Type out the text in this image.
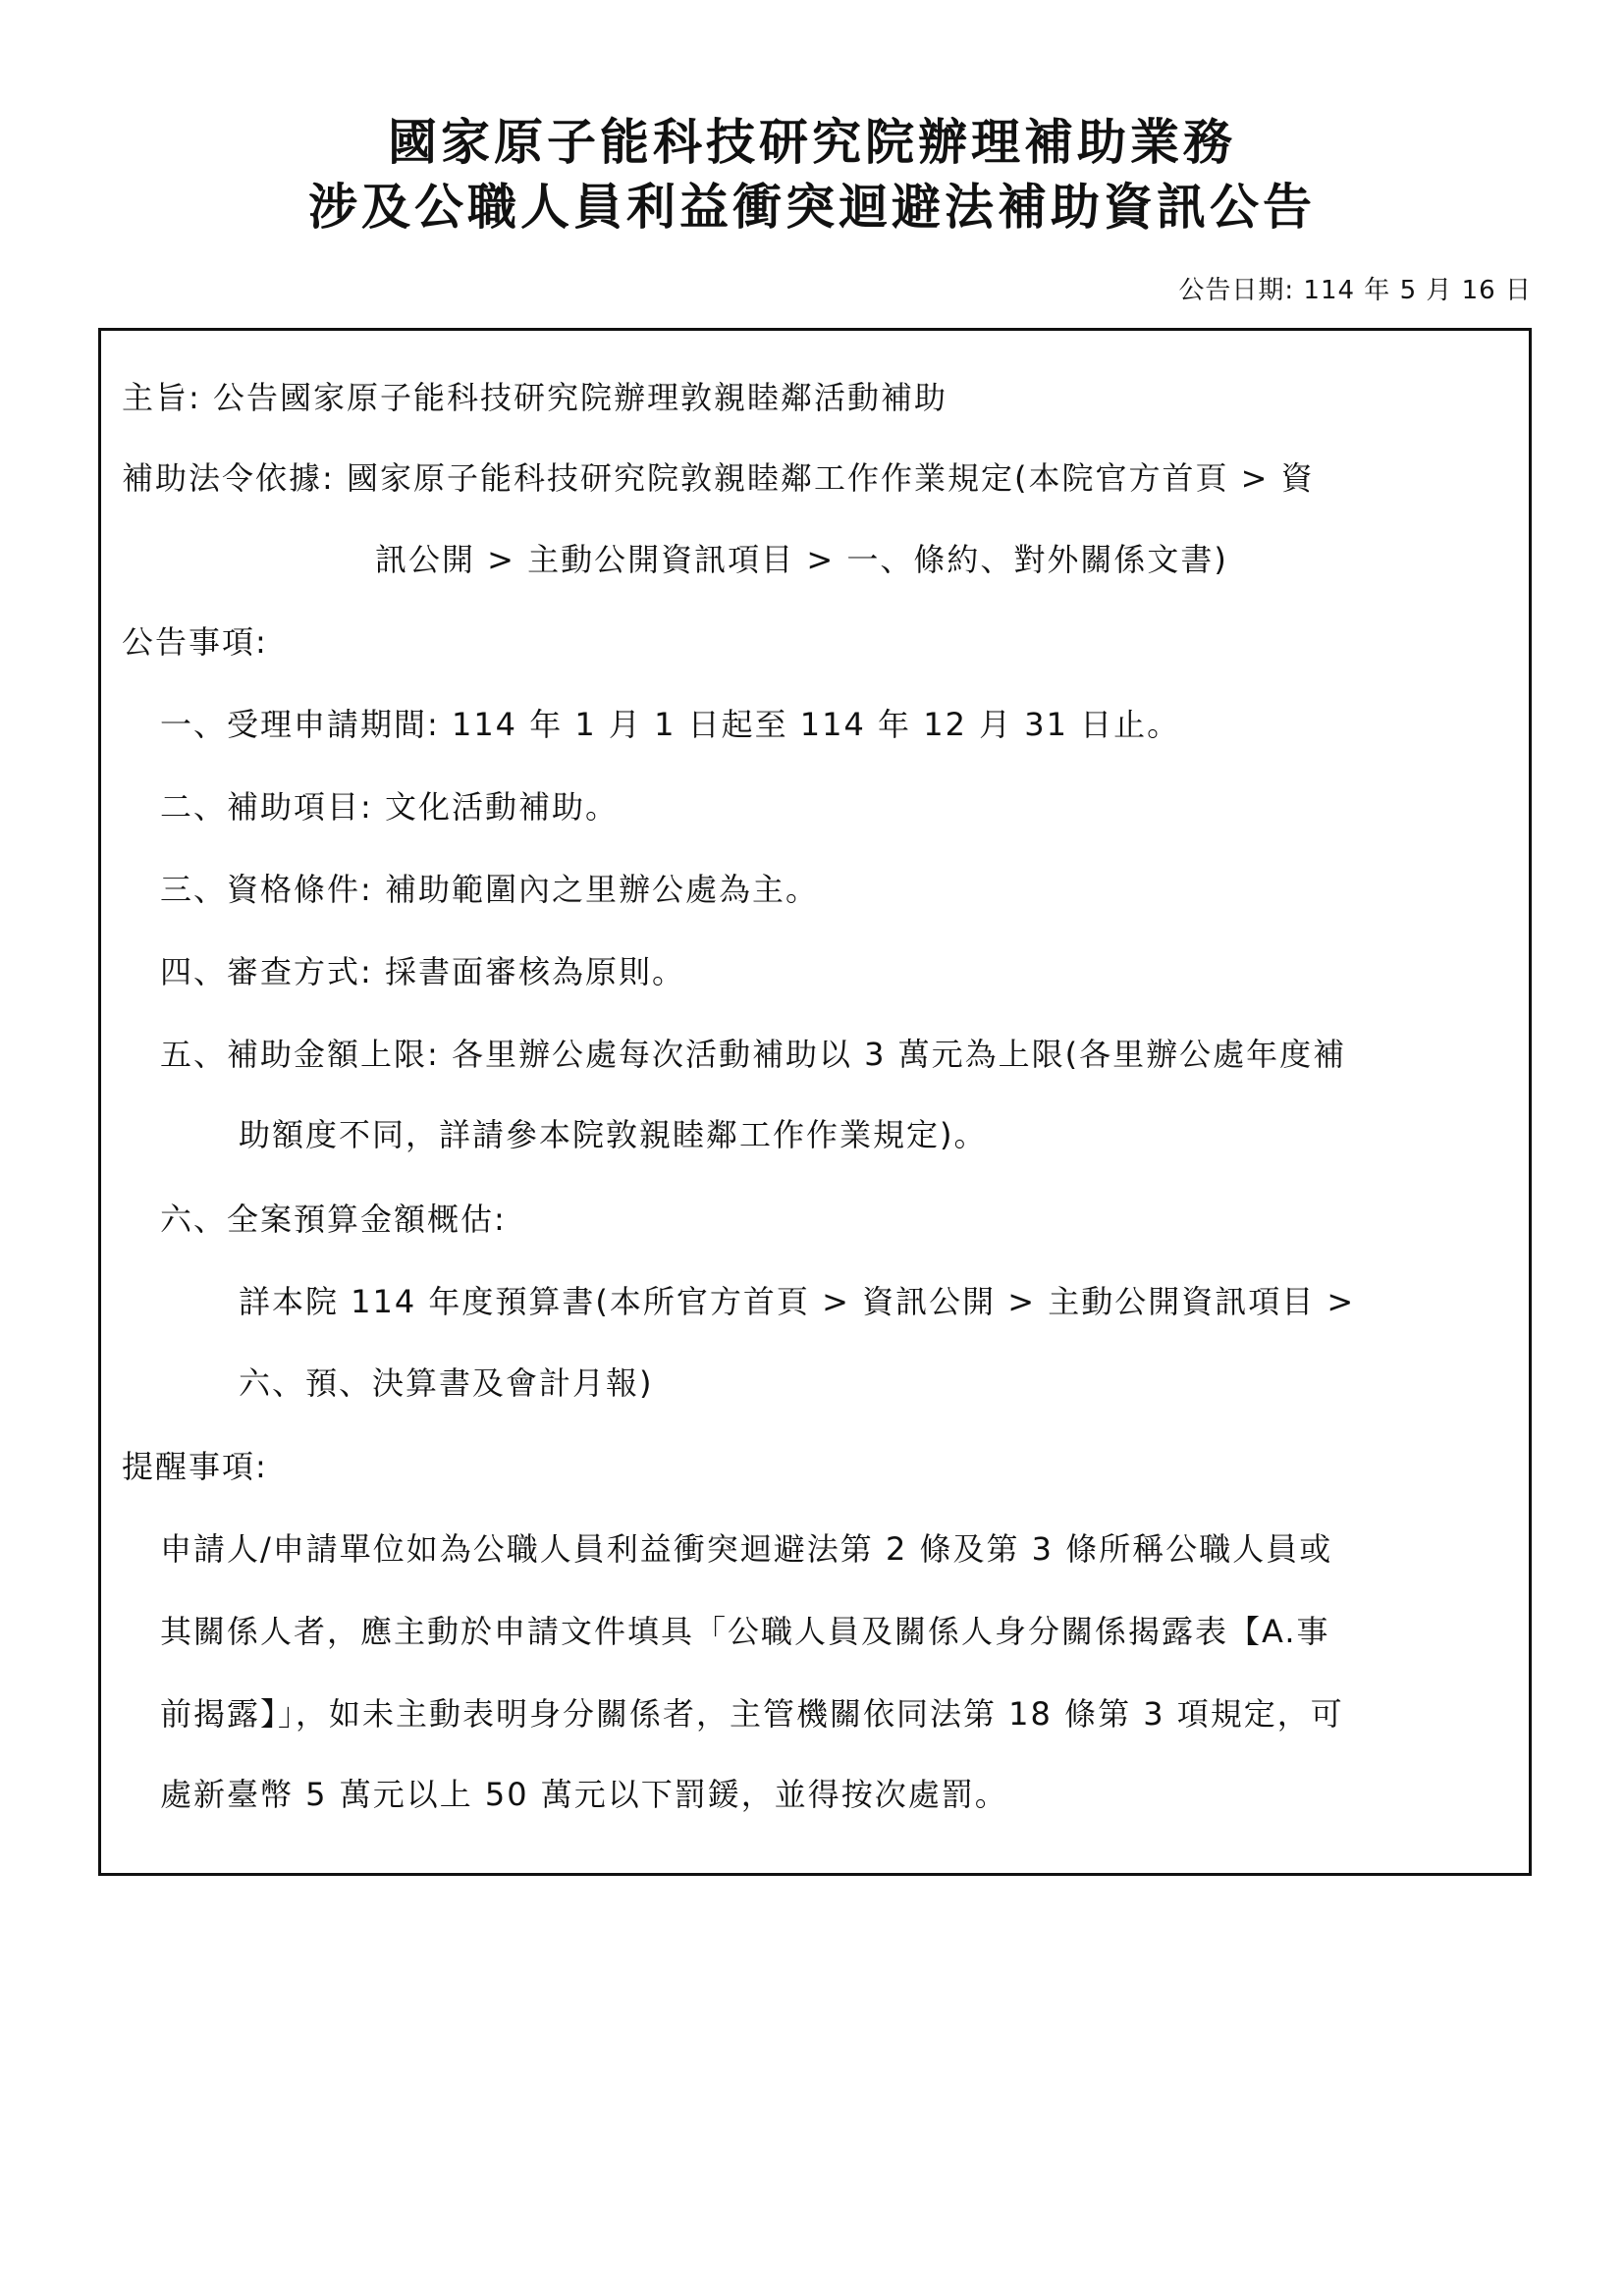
國家原子能科技研究院辦理補助業務
涉及公職人員利益衝突迴避法補助資訊公告
公告日期: 114 年 5 月 16 日
主旨: 公告國家原子能科技研究院辦理敦親睦鄰活動補助
補助法令依據: 國家原子能科技研究院敦親睦鄰工作作業規定(本院官方首頁 > 資
訊公開 > 主動公開資訊項目 > 一、條約、對外關係文書)
公告事項:
一、受理申請期間: 114 年 1 月 1 日起至 114 年 12 月 31 日止。
二、補助項目: 文化活動補助。
三、資格條件: 補助範圍內之里辦公處為主。
四、審查方式: 採書面審核為原則。
五、補助金額上限: 各里辦公處每次活動補助以 3 萬元為上限(各里辦公處年度補
助額度不同，詳請參本院敦親睦鄰工作作業規定)。
六、全案預算金額概估:
詳本院 114 年度預算書(本所官方首頁 > 資訊公開 > 主動公開資訊項目 >
六、預、決算書及會計月報)
提醒事項:
申請人/申請單位如為公職人員利益衝突迴避法第 2 條及第 3 條所稱公職人員或
其關係人者，應主動於申請文件填具「公職人員及關係人身分關係揭露表【A.事
前揭露】」，如未主動表明身分關係者，主管機關依同法第 18 條第 3 項規定，可
處新臺幣 5 萬元以上 50 萬元以下罰鍰，並得按次處罰。
